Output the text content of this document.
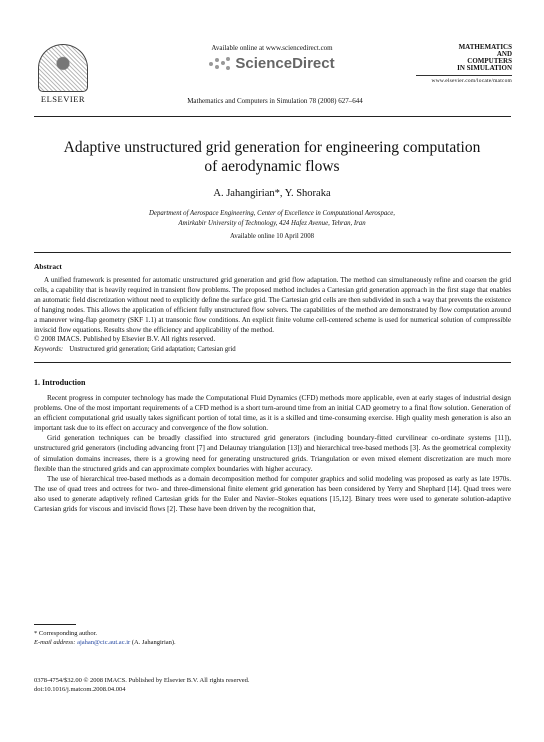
ELSEVIER
Available online at www.sciencedirect.com
ScienceDirect
Mathematics and Computers in Simulation 78 (2008) 627–644
MATHEMATICS
AND
COMPUTERS
IN SIMULATION
www.elsevier.com/locate/matcom
Adaptive unstructured grid generation for engineering computation of aerodynamic flows
A. Jahangirian*, Y. Shoraka
Department of Aerospace Engineering, Center of Excellence in Computational Aerospace,
Amirkabir University of Technology, 424 Hafez Avenue, Tehran, Iran
Available online 10 April 2008
Abstract

A unified framework is presented for automatic unstructured grid generation and grid flow adaptation. The method can simultaneously refine and coarsen the grid cells, a capability that is heavily required in transient flow problems. The proposed method includes a Cartesian grid generation approach in the first stage that enables an automatic field discretization without need to explicitly define the surface grid. The Cartesian grid cells are then subdivided in such a way that prevents the existence of hanging nodes. This allows the application of efficient fully unstructured flow solvers. The capabilities of the method are demonstrated by flow computation around a maneuver wing-flap geometry (SKF 1.1) at transonic flow conditions. An explicit finite volume cell-centered scheme is used for numerical solution of compressible inviscid flow equations. Results show the efficiency and applicability of the method.
© 2008 IMACS. Published by Elsevier B.V. All rights reserved.

Keywords: Unstructured grid generation; Grid adaptation; Cartesian grid
1. Introduction

Recent progress in computer technology has made the Computational Fluid Dynamics (CFD) methods more applicable, even at early stages of industrial design problems. One of the most important requirements of a CFD method is a short turn-around time from an initial CAD geometry to a final flow solution. Generation of an efficient computational grid usually takes significant portion of total time, as it is a skilled and time-consuming exercise. High quality mesh generation is also an important task due to its effect on accuracy and convergence of the flow solution.

Grid generation techniques can be broadly classified into structured grid generators (including boundary-fitted curvilinear co-ordinate systems [11]), unstructured grid generators (including advancing front [7] and Delaunay triangulation [13]) and hierarchical tree-based methods [3]. As the geometrical complexity of simulation domains increases, there is a growing need for generating unstructured grids. Triangulation or even mixed element discretization are much more flexible than the structured grids and can approximate complex boundaries with higher accuracy.

The use of hierarchical tree-based methods as a domain decomposition method for computer graphics and solid modeling was proposed as early as late 1970s. The use of quad trees and octrees for two- and three-dimensional finite element grid generation has been considered by Yerry and Shephard [14]. Quad trees were also used to generate adaptively refined Cartesian grids for the Euler and Navier–Stokes equations [15,12]. Binary trees were used to generate solution-adaptive Cartesian grids for viscous and inviscid flows [2]. These have been driven by the recognition that,

* Corresponding author.
E-mail address: ajahan@cic.aut.ac.ir (A. Jahangirian).
0378-4754/$32.00 © 2008 IMACS. Published by Elsevier B.V. All rights reserved.
doi:10.1016/j.matcom.2008.04.004
